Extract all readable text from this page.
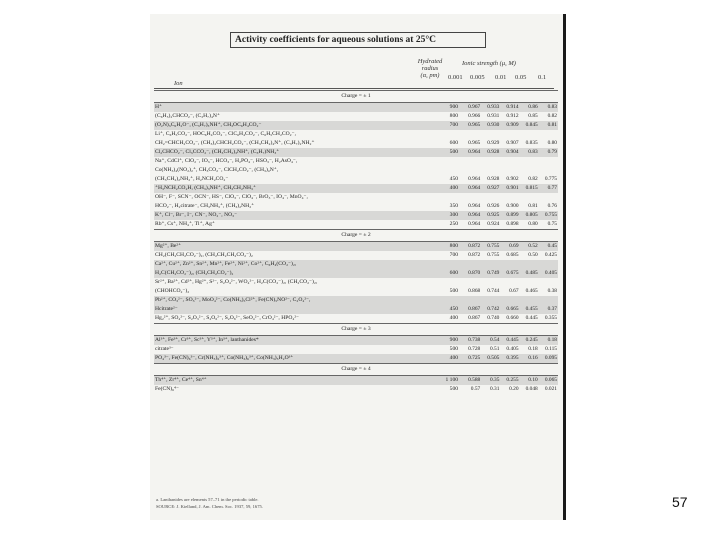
Activity coefficients for aqueous solutions at 25°C
Hydrated
radius
(α, pm)
Ionic strength (μ, M)
Ion
0.001 0.005 0.01 0.05 0.1
Charge = ± 1						
H⁺	900	0.967	0.933	0.914	0.86	0.83
(C₆H₅)₂CHCO₂⁻, (C₃H₇)₄N⁺	800	0.966	0.931	0.912	0.85	0.82
(O₂N)₃C₆H₂O⁻, (C₃H₇)₃NH⁺, CH₃OC₆H₄CO₂⁻	700	0.965	0.930	0.909	0.845	0.81
Li⁺, C₆H₅CO₂⁻, HOC₆H₄CO₂⁻, ClC₆H₄CO₂⁻, C₆H₅CH₂CO₂⁻,						
CH₂=CHCH₂CO₂⁻, (CH₃)₂CHCH₂CO₂⁻, (CH₃CH₂)₄N⁺, (C₃H₇)₂NH₂⁺	600	0.965	0.929	0.907	0.835	0.80
Cl₂CHCO₂⁻, Cl₃CCO₂⁻, (CH₃CH₂)₃NH⁺, (C₃H₇)NH₃⁺	500	0.964	0.928	0.904	0.83	0.79
Na⁺, CdCl⁺, ClO₂⁻, IO₃⁻, HCO₃⁻, H₂PO₄⁻, HSO₃⁻, H₂AsO₄⁻,						
Co(NH₃)₄(NO₂)₂⁺, CH₃CO₂⁻, ClCH₂CO₂⁻, (CH₃)₄N⁺,						
(CH₃CH₂)₂NH₂⁺, H₂NCH₂CO₂⁻	450	0.964	0.928	0.902	0.82	0.775
⁺H₃NCH₂CO₂H, (CH₃)₃NH⁺, CH₃CH₂NH₃⁺	400	0.964	0.927	0.901	0.815	0.77
OH⁻, F⁻, SCN⁻, OCN⁻, HS⁻, ClO₃⁻, ClO₄⁻, BrO₃⁻, IO₄⁻, MnO₄⁻,						
HCO₂⁻, H₂citrate⁻, CH₃NH₃⁺, (CH₃)₂NH₂⁺	350	0.964	0.926	0.900	0.81	0.76
K⁺, Cl⁻, Br⁻, I⁻, CN⁻, NO₂⁻, NO₃⁻	300	0.964	0.925	0.899	0.805	0.755
Rb⁺, Cs⁺, NH₄⁺, Tl⁺, Ag⁺	250	0.964	0.924	0.898	0.80	0.75
Charge = ± 2						
Mg²⁺, Be²⁺	800	0.872	0.755	0.69	0.52	0.45
CH₂(CH₂CH₂CO₂⁻)₂, (CH₂CH₂CH₂CO₂⁻)₂	700	0.872	0.755	0.685	0.50	0.425
Ca²⁺, Cu²⁺, Zn²⁺, Sn²⁺, Mn²⁺, Fe²⁺, Ni²⁺, Co²⁺, C₆H₄(CO₂⁻)₂,						
H₂C(CH₂CO₂⁻)₂, (CH₂CH₂CO₂⁻)₂	600	0.870	0.749	0.675	0.485	0.405
Sr²⁺, Ba²⁺, Cd²⁺, Hg²⁺, S²⁻, S₂O₄²⁻, WO₄²⁻, H₂C(CO₂⁻)₂, (CH₂CO₂⁻)₂,						
(CHOHCO₂⁻)₂	500	0.868	0.744	0.67	0.465	0.38
Pb²⁺, CO₃²⁻, SO₃²⁻, MoO₄²⁻, Co(NH₃)₅Cl²⁺, Fe(CN)₅NO²⁻, C₂O₄²⁻,						
Hcitrate²⁻	450	0.867	0.742	0.665	0.455	0.37
Hg₂²⁺, SO₄²⁻, S₂O₃²⁻, S₂O₆²⁻, S₂O₈²⁻, SeO₄²⁻, CrO₄²⁻, HPO₄²⁻	400	0.867	0.740	0.660	0.445	0.355
Charge = ± 3						
Al³⁺, Fe³⁺, Cr³⁺, Sc³⁺, Y³⁺, In³⁺, lanthanides*	900	0.738	0.54	0.445	0.245	0.18
citrate³⁻	500	0.728	0.51	0.405	0.18	0.115
PO₄³⁻, Fe(CN)₆³⁻, Cr(NH₃)₆³⁺, Co(NH₃)₆³⁺, Co(NH₃)₅H₂O³⁺	400	0.725	0.505	0.395	0.16	0.095
Charge = ± 4						
Th⁴⁺, Zr⁴⁺, Ce⁴⁺, Sn⁴⁺	1 100	0.588	0.35	0.255	0.10	0.065
Fe(CN)₆⁴⁻	500	0.57	0.31	0.20	0.048	0.021
a. Lanthanides are elements 57–71 in the periodic table.
SOURCE: J. Kielland, J. Am. Chem. Soc. 1937, 59, 1675.	57
